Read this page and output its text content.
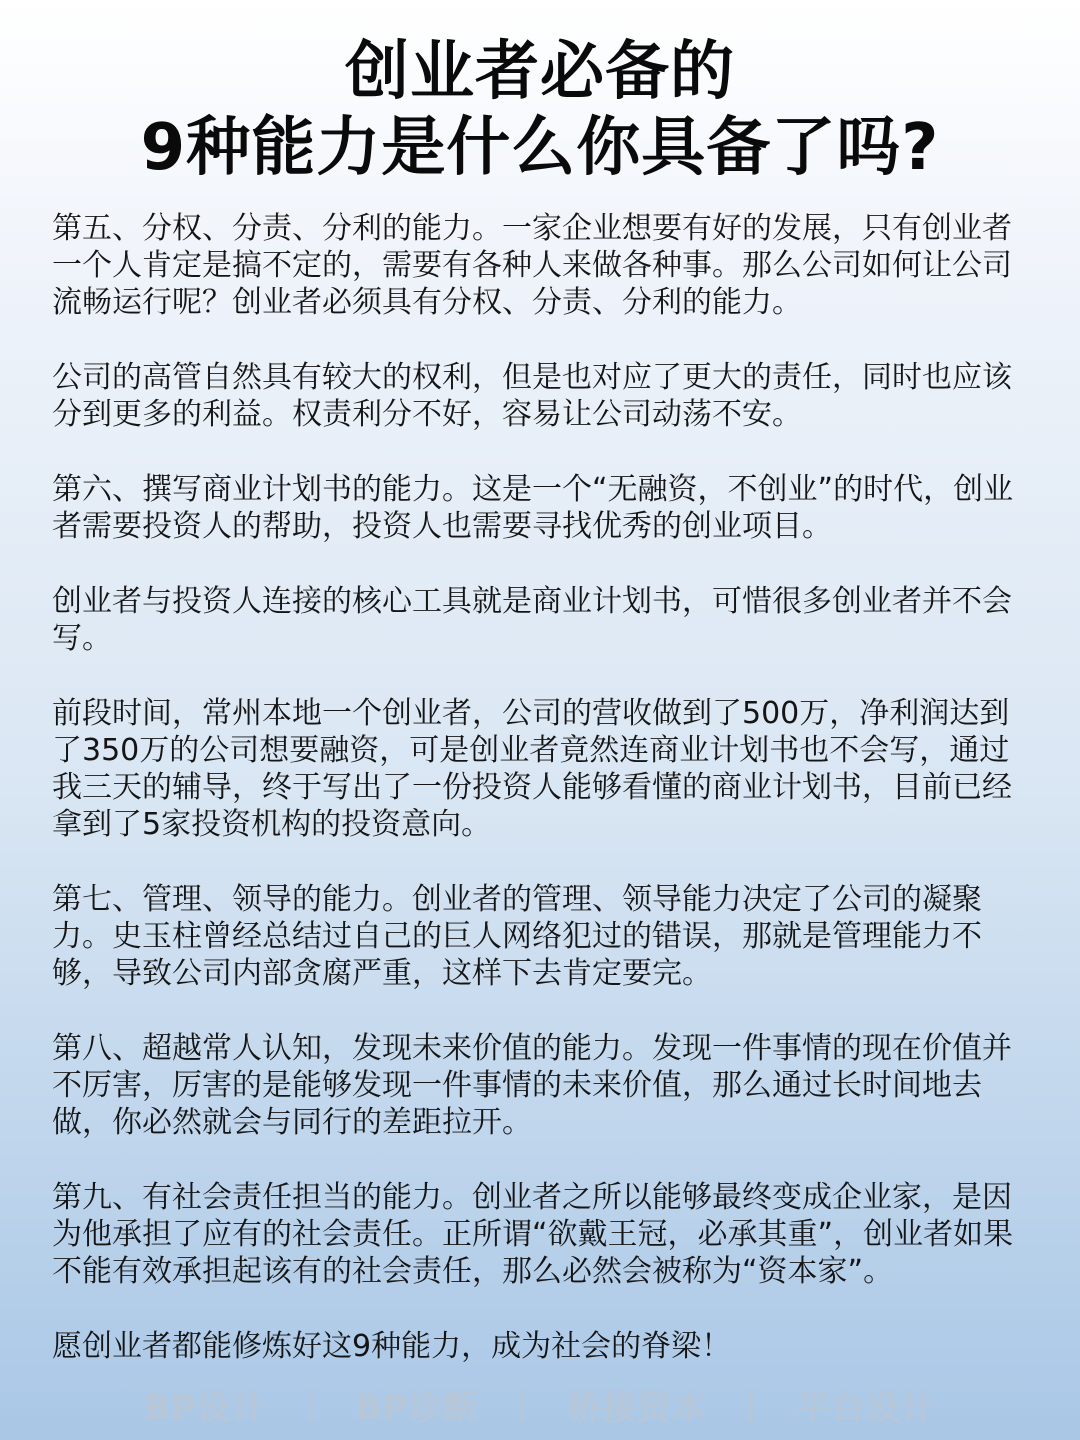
创业者必备的
9种能力是什么你具备了吗?

第五、分权、分责、分利的能力。一家企业想要有好的发展，只有创业者一个人肯定是搞不定的，需要有各种人来做各种事。那么公司如何让公司流畅运行呢？创业者必须具有分权、分责、分利的能力。

公司的高管自然具有较大的权利，但是也对应了更大的责任，同时也应该分到更多的利益。权责利分不好，容易让公司动荡不安。

第六、撰写商业计划书的能力。这是一个“无融资，不创业”的时代，创业者需要投资人的帮助，投资人也需要寻找优秀的创业项目。

创业者与投资人连接的核心工具就是商业计划书，可惜很多创业者并不会写。

前段时间，常州本地一个创业者，公司的营收做到了500万，净利润达到了350万的公司想要融资，可是创业者竟然连商业计划书也不会写，通过我三天的辅导，终于写出了一份投资人能够看懂的商业计划书，目前已经拿到了5家投资机构的投资意向。

第七、管理、领导的能力。创业者的管理、领导能力决定了公司的凝聚力。史玉柱曾经总结过自己的巨人网络犯过的错误，那就是管理能力不够，导致公司内部贪腐严重，这样下去肯定要完。

第八、超越常人认知，发现未来价值的能力。发现一件事情的现在价值并不厉害，厉害的是能够发现一件事情的未来价值，那么通过长时间地去做，你必然就会与同行的差距拉开。

第九、有社会责任担当的能力。创业者之所以能够最终变成企业家，是因为他承担了应有的社会责任。正所谓“欲戴王冠，必承其重”，创业者如果不能有效承担起该有的社会责任，那么必然会被称为“资本家”。

愿创业者都能修炼好这9种能力，成为社会的脊梁！

BP设计 丨 BP诊断 丨 桥接资本 丨 平台设计
